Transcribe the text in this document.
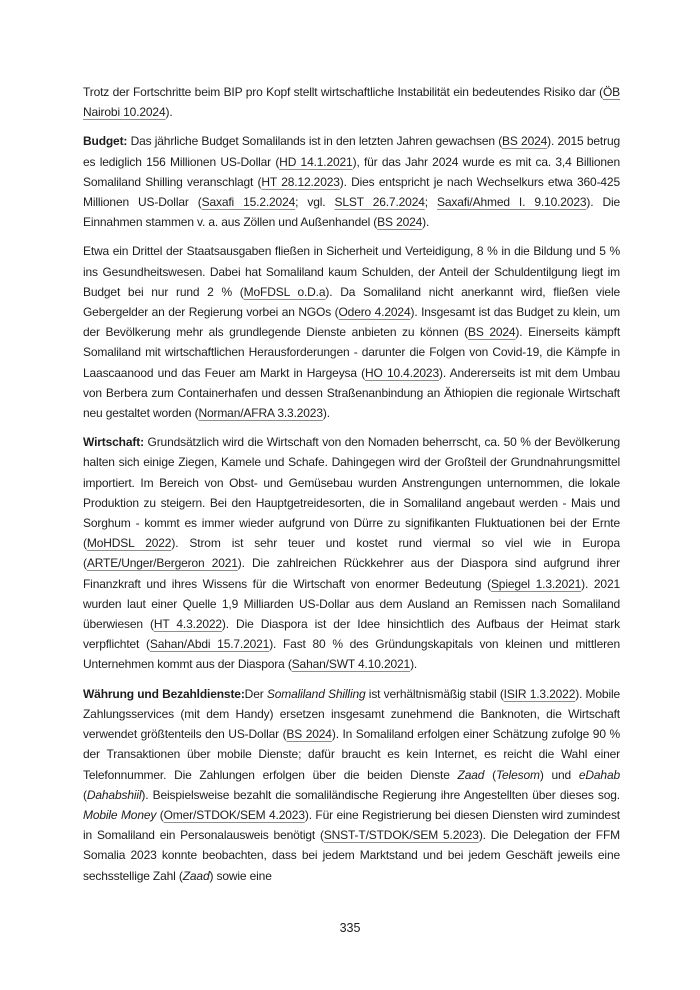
Trotz der Fortschritte beim BIP pro Kopf stellt wirtschaftliche Instabilität ein bedeutendes Risiko dar (ÖB Nairobi 10.2024).

Budget: Das jährliche Budget Somalilands ist in den letzten Jahren gewachsen (BS 2024). 2015 betrug es lediglich 156 Millionen US-Dollar (HD 14.1.2021), für das Jahr 2024 wurde es mit ca. 3,4 Billionen Somaliland Shilling veranschlagt (HT 28.12.2023). Dies entspricht je nach Wechselkurs etwa 360-425 Millionen US-Dollar (Saxafi 15.2.2024; vgl. SLST 26.7.2024; Saxafi/Ahmed I. 9.10.2023). Die Einnahmen stammen v. a. aus Zöllen und Außenhandel (BS 2024).

Etwa ein Drittel der Staatsausgaben fließen in Sicherheit und Verteidigung, 8 % in die Bildung und 5 % ins Gesundheitswesen. Dabei hat Somaliland kaum Schulden, der Anteil der Schuldentilgung liegt im Budget bei nur rund 2 % (MoFDSL o.D.a). Da Somaliland nicht anerkannt wird, fließen viele Gebergelder an der Regierung vorbei an NGOs (Odero 4.2024). Insgesamt ist das Budget zu klein, um der Bevölkerung mehr als grundlegende Dienste anbieten zu können (BS 2024). Einerseits kämpft Somaliland mit wirtschaftlichen Herausforderungen - darunter die Folgen von Covid-19, die Kämpfe in Laascaanood und das Feuer am Markt in Hargeysa (HO 10.4.2023). Andererseits ist mit dem Umbau von Berbera zum Containerhafen und dessen Straßenanbindung an Äthiopien die regionale Wirtschaft neu gestaltet worden (Norman/AFRA 3.3.2023).

Wirtschaft: Grundsätzlich wird die Wirtschaft von den Nomaden beherrscht, ca. 50 % der Bevölkerung halten sich einige Ziegen, Kamele und Schafe. Dahingegen wird der Großteil der Grundnahrungsmittel importiert. Im Bereich von Obst- und Gemüsebau wurden Anstrengungen unternommen, die lokale Produktion zu steigern. Bei den Hauptgetreidesorten, die in Somaliland angebaut werden - Mais und Sorghum - kommt es immer wieder aufgrund von Dürre zu signifikanten Fluktuationen bei der Ernte (MoHDSL 2022). Strom ist sehr teuer und kostet rund viermal so viel wie in Europa (ARTE/Unger/Bergeron 2021). Die zahlreichen Rückkehrer aus der Diaspora sind aufgrund ihrer Finanzkraft und ihres Wissens für die Wirtschaft von enormer Bedeutung (Spiegel 1.3.2021). 2021 wurden laut einer Quelle 1,9 Milliarden US-Dollar aus dem Ausland an Remissen nach Somaliland überwiesen (HT 4.3.2022). Die Diaspora ist der Idee hinsichtlich des Aufbaus der Heimat stark verpflichtet (Sahan/Abdi 15.7.2021). Fast 80 % des Gründungskapitals von kleinen und mittleren Unternehmen kommt aus der Diaspora (Sahan/SWT 4.10.2021).

Währung und Bezahldienste:Der Somaliland Shilling ist verhältnismäßig stabil (ISIR 1.3.2022). Mobile Zahlungsservices (mit dem Handy) ersetzen insgesamt zunehmend die Banknoten, die Wirtschaft verwendet größtenteils den US-Dollar (BS 2024). In Somaliland erfolgen einer Schätzung zufolge 90 % der Transaktionen über mobile Dienste; dafür braucht es kein Internet, es reicht die Wahl einer Telefonnummer. Die Zahlungen erfolgen über die beiden Dienste Zaad (Telesom) und eDahab (Dahabshiil). Beispielsweise bezahlt die somaliländische Regierung ihre Angestellten über dieses sog. Mobile Money (Omer/STDOK/SEM 4.2023). Für eine Registrierung bei diesen Diensten wird zumindest in Somaliland ein Personalausweis benötigt (SNST-T/STDOK/SEM 5.2023). Die Delegation der FFM Somalia 2023 konnte beobachten, dass bei jedem Marktstand und bei jedem Geschäft jeweils eine sechsstellige Zahl (Zaad) sowie eine

335
